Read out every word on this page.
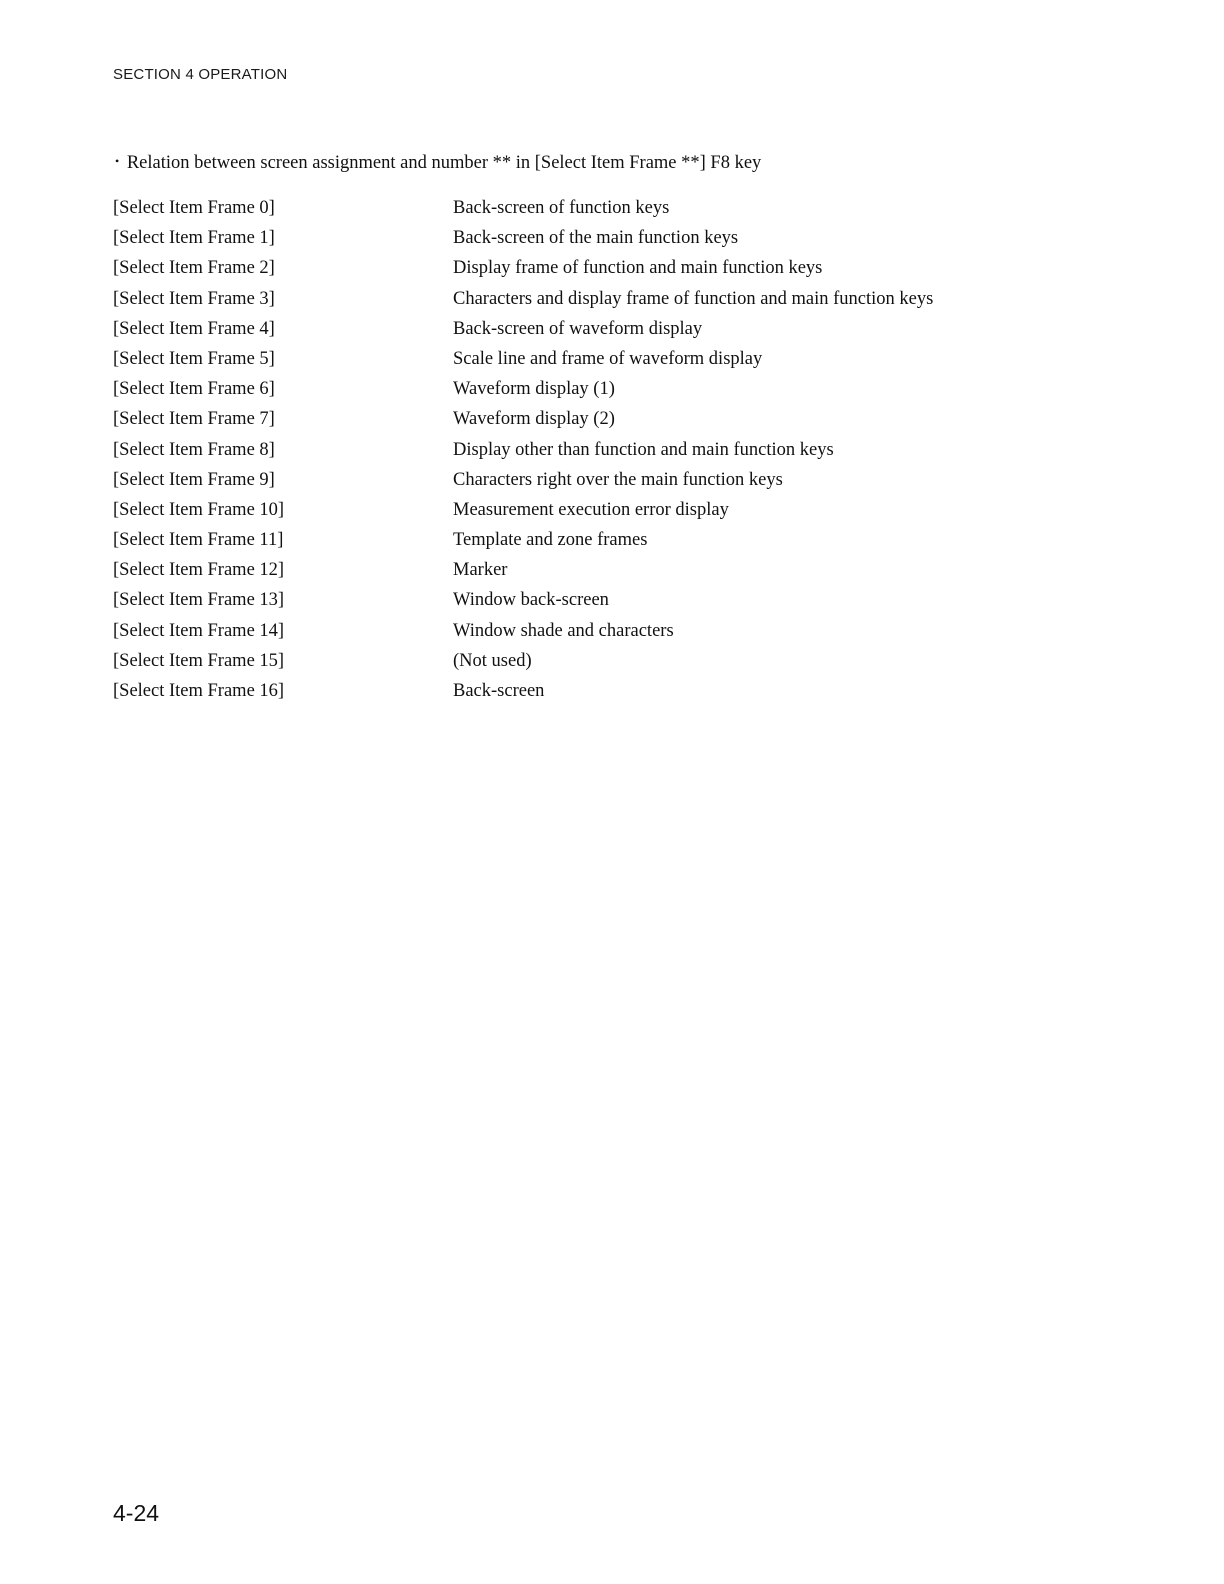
SECTION 4 OPERATION
• Relation between screen assignment and number ** in [Select Item Frame **] F8 key
[Select Item Frame 0]	Back-screen of function keys
[Select Item Frame 1]	Back-screen of the main function keys
[Select Item Frame 2]	Display frame of function and main function keys
[Select Item Frame 3]	Characters and display frame of function and main function keys
[Select Item Frame 4]	Back-screen of waveform display
[Select Item Frame 5]	Scale line and frame of waveform display
[Select Item Frame 6]	Waveform display (1)
[Select Item Frame 7]	Waveform display (2)
[Select Item Frame 8]	Display other than function and main function keys
[Select Item Frame 9]	Characters right over the main function keys
[Select Item Frame 10]	Measurement execution error display
[Select Item Frame 11]	Template and zone frames
[Select Item Frame 12]	Marker
[Select Item Frame 13]	Window back-screen
[Select Item Frame 14]	Window shade and characters
[Select Item Frame 15]	(Not used)
[Select Item Frame 16]	Back-screen
4-24
